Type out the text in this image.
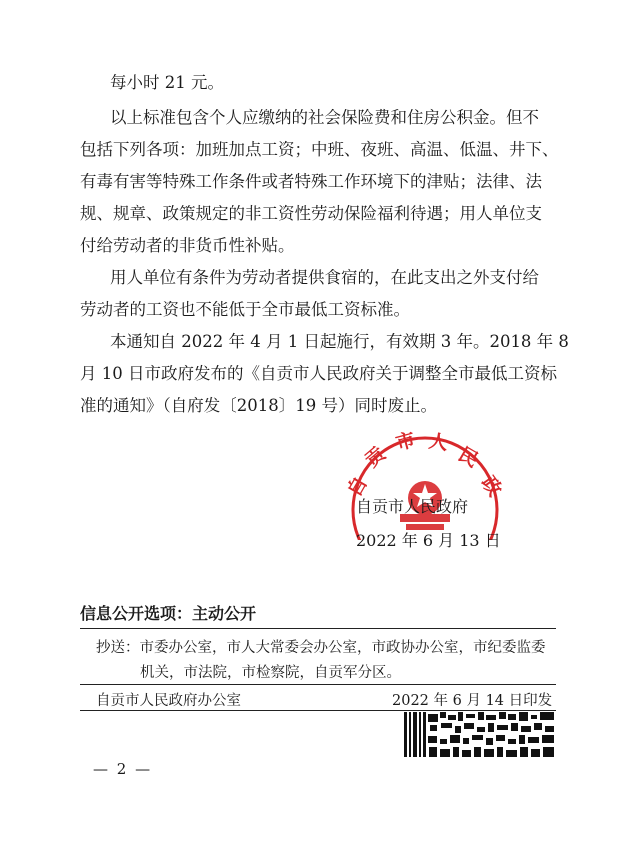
每小时 21 元。
以上标准包含个人应缴纳的社会保险费和住房公积金。但不
包括下列各项：加班加点工资；中班、夜班、高温、低温、井下、
有毒有害等特殊工作条件或者特殊工作环境下的津贴；法律、法
规、规章、政策规定的非工资性劳动保险福利待遇；用人单位支
付给劳动者的非货币性补贴。
用人单位有条件为劳动者提供食宿的，在此支出之外支付给
劳动者的工资也不能低于全市最低工资标准。
本通知自 2022 年 4 月 1 日起施行，有效期 3 年。2018 年 8
月 10 日市政府发布的《自贡市人民政府关于调整全市最低工资标
准的通知》（自府发〔2018〕19 号）同时废止。
自
贡
市 人
民
政
自贡市人民政府
2022 年 6 月 13 日
信息公开选项：主动公开
抄送：市委办公室，市人大常委会办公室，市政协办公室，市纪委监委
机关，市法院，市检察院，自贡军分区。
自贡市人民政府办公室	2022 年 6 月 14 日印发
— 2 —
